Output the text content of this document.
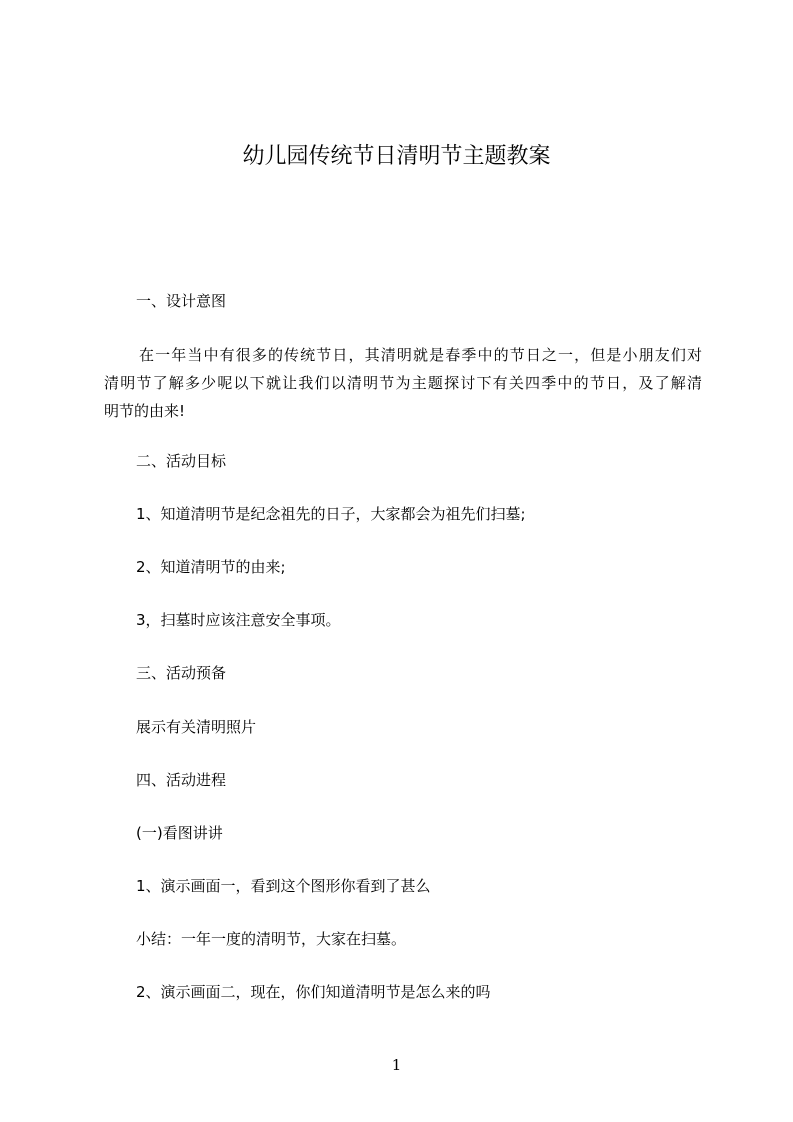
幼儿园传统节日清明节主题教案
一、设计意图
在一年当中有很多的传统节日，其清明就是春季中的节日之一，但是小朋友们对
清明节了解多少呢以下就让我们以清明节为主题探讨下有关四季中的节日，及了解清
明节的由来!
二、活动目标
1、知道清明节是纪念祖先的日子，大家都会为祖先们扫墓;
2、知道清明节的由来;
3，扫墓时应该注意安全事项。
三、活动预备
展示有关清明照片
四、活动进程
(一)看图讲讲
1、演示画面一，看到这个图形你看到了甚么
小结：一年一度的清明节，大家在扫墓。
2、演示画面二，现在，你们知道清明节是怎么来的吗
1
